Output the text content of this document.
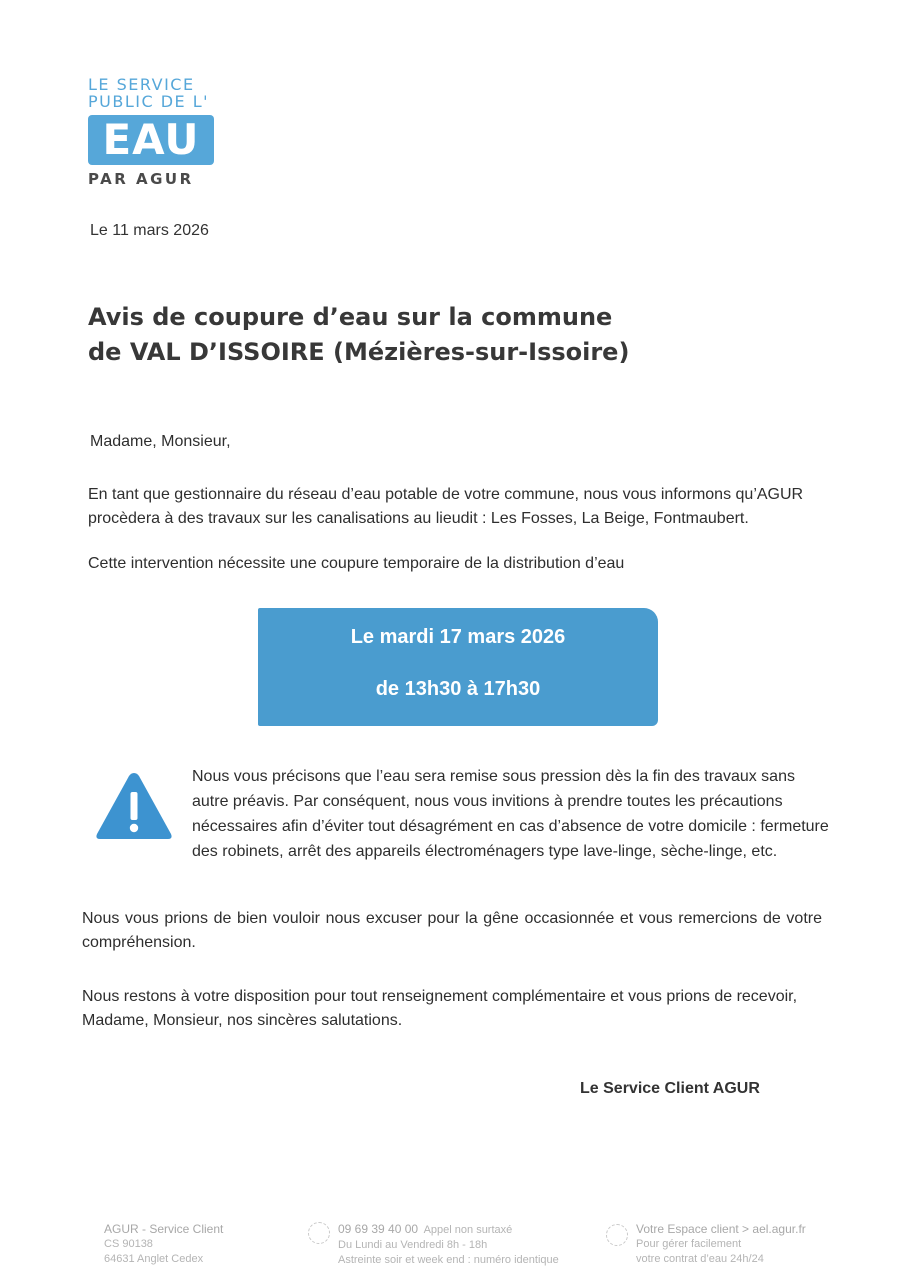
LE SERVICE
PUBLIC DE L'
EAU
PAR AGUR
Le 11 mars 2026
Avis de coupure d’eau sur la commune
de VAL D’ISSOIRE (Mézières-sur-Issoire)
Madame, Monsieur,
En tant que gestionnaire du réseau d’eau potable de votre commune, nous vous informons qu’AGUR procèdera à des travaux sur les canalisations au lieudit : Les Fosses, La Beige, Fontmaubert.
Cette intervention nécessite une coupure temporaire de la distribution d’eau
Le mardi 17 mars 2026
de 13h30 à 17h30
Nous vous précisons que l’eau sera remise sous pression dès la fin des travaux sans autre préavis. Par conséquent, nous vous invitions à prendre toutes les précautions nécessaires afin d’éviter tout désagrément en cas d’absence de votre domicile : fermeture des robinets, arrêt des appareils électroménagers type lave-linge, sèche-linge, etc.
Nous vous prions de bien vouloir nous excuser pour la gêne occasionnée et vous remercions de votre compréhension.
Nous restons à votre disposition pour tout renseignement complémentaire et vous prions de recevoir, Madame, Monsieur, nos sincères salutations.
Le Service Client AGUR
AGUR - Service Client
CS 90138
64631 Anglet Cedex
09 69 39 40 00 Appel non surtaxé
Du Lundi au Vendredi 8h - 18h
Astreinte soir et week end : numéro identique
Votre Espace client > ael.agur.fr
Pour gérer facilement
votre contrat d’eau 24h/24
